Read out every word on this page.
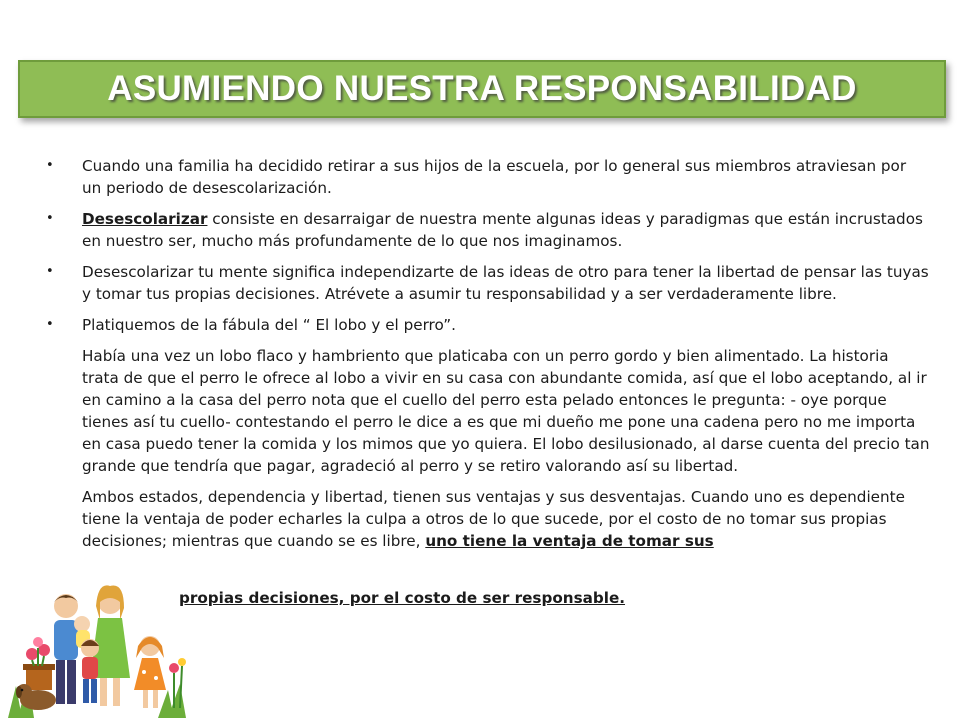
ASUMIENDO NUESTRA RESPONSABILIDAD
• Cuando una familia ha decidido retirar a sus hijos de la escuela, por lo general sus miembros atraviesan por un periodo de desescolarización.
• Desescolarizar consiste en desarraigar de nuestra mente algunas ideas y paradigmas que están incrustados en nuestro ser, mucho más profundamente de lo que nos imaginamos.
• Desescolarizar tu mente significa independizarte de las ideas de otro para tener la libertad de pensar las tuyas y tomar tus propias decisiones. Atrévete a asumir tu responsabilidad y a ser verdaderamente libre.
• Platiquemos de la fábula del “ El lobo y el perro”.
Había una vez un lobo flaco y hambriento que platicaba con un perro gordo y bien alimentado. La historia trata de que el perro le ofrece al lobo a vivir en su casa con abundante comida, así que el lobo aceptando, al ir en camino a la casa del perro nota que el cuello del perro esta pelado entonces le pregunta: - oye porque tienes así tu cuello- contestando el perro le dice a es que mi dueño me pone una cadena pero no me importa en casa puedo tener la comida y los mimos que yo quiera. El lobo desilusionado, al darse cuenta del precio tan grande que tendría que pagar, agradeció al perro y se retiro valorando así su libertad.
Ambos estados, dependencia y libertad, tienen sus ventajas y sus desventajas. Cuando uno es dependiente tiene la ventaja de poder echarles la culpa a otros de lo que sucede, por el costo de no tomar sus propias decisiones; mientras que cuando se es libre, uno tiene la ventaja de tomar sus
propias decisiones, por el costo de ser responsable.
